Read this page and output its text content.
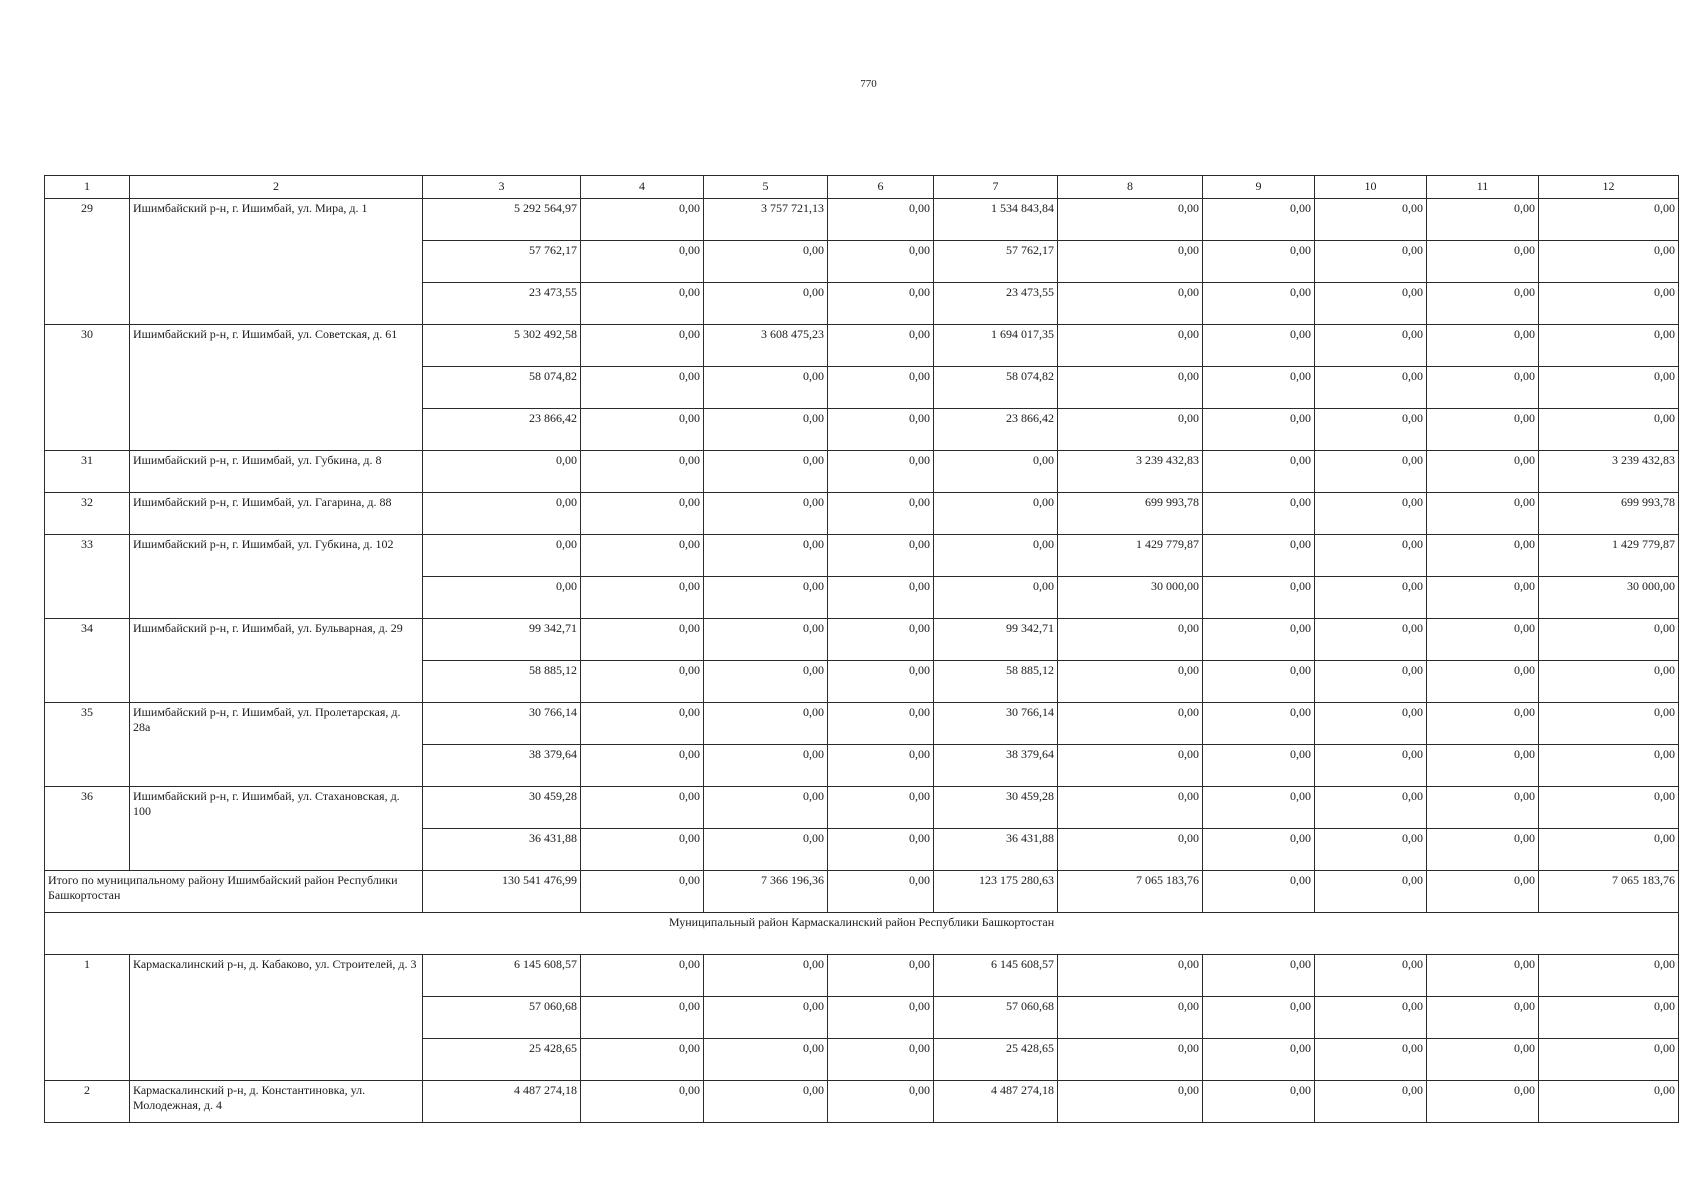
770
1	2	3	4	5	6	7	8	9	10	11	12
29	Ишимбайский р-н, г. Ишимбай, ул. Мира, д. 1	5 292 564,97	0,00	3 757 721,13	0,00	1 534 843,84	0,00	0,00	0,00	0,00	0,00
		57 762,17	0,00	0,00	0,00	57 762,17	0,00	0,00	0,00	0,00	0,00
		23 473,55	0,00	0,00	0,00	23 473,55	0,00	0,00	0,00	0,00	0,00
30	Ишимбайский р-н, г. Ишимбай, ул. Советская, д. 61	5 302 492,58	0,00	3 608 475,23	0,00	1 694 017,35	0,00	0,00	0,00	0,00	0,00
		58 074,82	0,00	0,00	0,00	58 074,82	0,00	0,00	0,00	0,00	0,00
		23 866,42	0,00	0,00	0,00	23 866,42	0,00	0,00	0,00	0,00	0,00
31	Ишимбайский р-н, г. Ишимбай, ул. Губкина, д. 8	0,00	0,00	0,00	0,00	0,00	3 239 432,83	0,00	0,00	0,00	3 239 432,83
32	Ишимбайский р-н, г. Ишимбай, ул. Гагарина, д. 88	0,00	0,00	0,00	0,00	0,00	699 993,78	0,00	0,00	0,00	699 993,78
33	Ишимбайский р-н, г. Ишимбай, ул. Губкина, д. 102	0,00	0,00	0,00	0,00	0,00	1 429 779,87	0,00	0,00	0,00	1 429 779,87
		0,00	0,00	0,00	0,00	0,00	30 000,00	0,00	0,00	0,00	30 000,00
34	Ишимбайский р-н, г. Ишимбай, ул. Бульварная, д. 29	99 342,71	0,00	0,00	0,00	99 342,71	0,00	0,00	0,00	0,00	0,00
		58 885,12	0,00	0,00	0,00	58 885,12	0,00	0,00	0,00	0,00	0,00
35	Ишимбайский р-н, г. Ишимбай, ул. Пролетарская, д. 28а	30 766,14	0,00	0,00	0,00	30 766,14	0,00	0,00	0,00	0,00	0,00
		38 379,64	0,00	0,00	0,00	38 379,64	0,00	0,00	0,00	0,00	0,00
36	Ишимбайский р-н, г. Ишимбай, ул. Стахановская, д. 100	30 459,28	0,00	0,00	0,00	30 459,28	0,00	0,00	0,00	0,00	0,00
		36 431,88	0,00	0,00	0,00	36 431,88	0,00	0,00	0,00	0,00	0,00
Итого по муниципальному району Ишимбайский район Республики Башкортостан		130 541 476,99	0,00	7 366 196,36	0,00	123 175 280,63	7 065 183,76	0,00	0,00	0,00	7 065 183,76
Муниципальный район Кармаскалинский район Республики Башкортостан											
1	Кармаскалинский р-н, д. Кабаково, ул. Строителей, д. 3	6 145 608,57	0,00	0,00	0,00	6 145 608,57	0,00	0,00	0,00	0,00	0,00
		57 060,68	0,00	0,00	0,00	57 060,68	0,00	0,00	0,00	0,00	0,00
		25 428,65	0,00	0,00	0,00	25 428,65	0,00	0,00	0,00	0,00	0,00
2	Кармаскалинский р-н, д. Константиновка, ул. Молодежная, д. 4	4 487 274,18	0,00	0,00	0,00	4 487 274,18	0,00	0,00	0,00	0,00	0,00
